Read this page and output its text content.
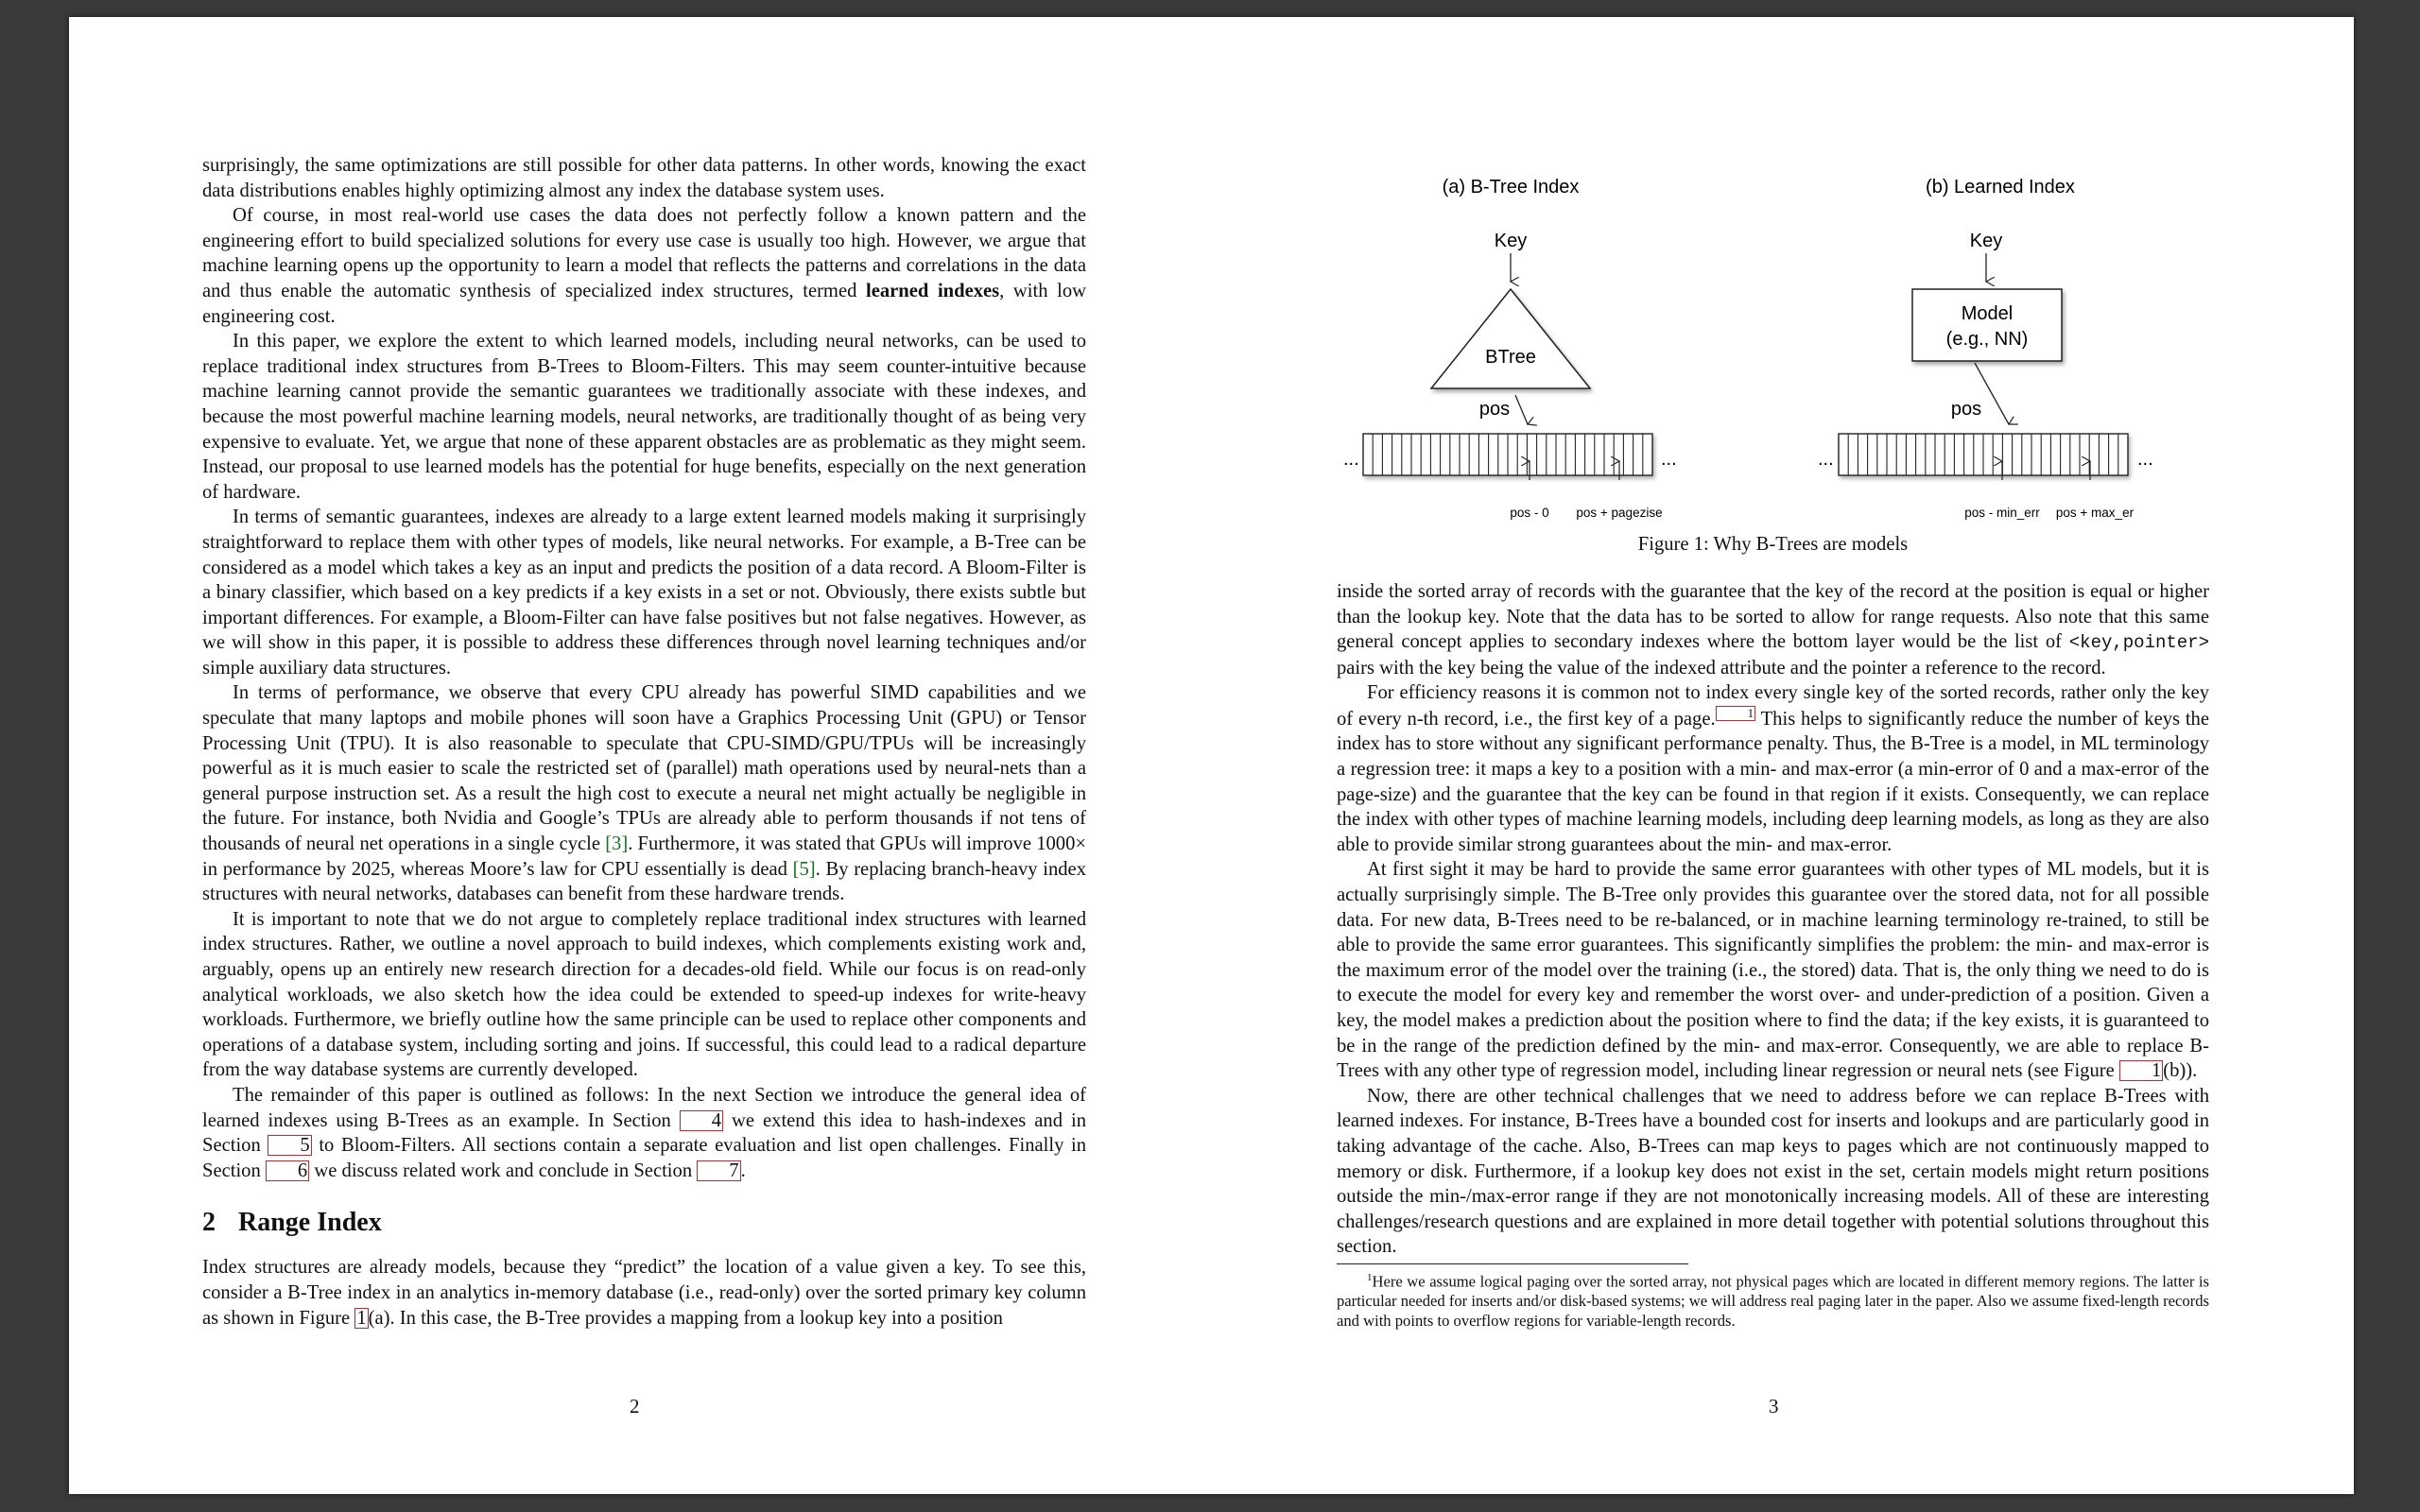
surprisingly, the same optimizations are still possible for other data patterns. In other words, knowing the exact data distributions enables highly optimizing almost any index the database system uses.

Of course, in most real-world use cases the data does not perfectly follow a known pattern and the engineering effort to build specialized solutions for every use case is usually too high. However, we argue that machine learning opens up the opportunity to learn a model that reflects the patterns and correlations in the data and thus enable the automatic synthesis of specialized index structures, termed learned indexes, with low engineering cost.

In this paper, we explore the extent to which learned models, including neural networks, can be used to replace traditional index structures from B-Trees to Bloom-Filters. This may seem counter-intuitive because machine learning cannot provide the semantic guarantees we traditionally associate with these indexes, and because the most powerful machine learning models, neural networks, are traditionally thought of as being very expensive to evaluate. Yet, we argue that none of these apparent obstacles are as problematic as they might seem. Instead, our proposal to use learned models has the potential for huge benefits, especially on the next generation of hardware.

In terms of semantic guarantees, indexes are already to a large extent learned models making it surprisingly straightforward to replace them with other types of models, like neural networks. For example, a B-Tree can be considered as a model which takes a key as an input and predicts the position of a data record. A Bloom-Filter is a binary classifier, which based on a key predicts if a key exists in a set or not. Obviously, there exists subtle but important differences. For example, a Bloom-Filter can have false positives but not false negatives. However, as we will show in this paper, it is possible to address these differences through novel learning techniques and/or simple auxiliary data structures.

In terms of performance, we observe that every CPU already has powerful SIMD capabilities and we speculate that many laptops and mobile phones will soon have a Graphics Processing Unit (GPU) or Tensor Processing Unit (TPU). It is also reasonable to speculate that CPU-SIMD/GPU/TPUs will be increasingly powerful as it is much easier to scale the restricted set of (parallel) math operations used by neural-nets than a general purpose instruction set. As a result the high cost to execute a neural net might actually be negligible in the future. For instance, both Nvidia and Google’s TPUs are already able to perform thousands if not tens of thousands of neural net operations in a single cycle [3]. Furthermore, it was stated that GPUs will improve 1000× in performance by 2025, whereas Moore’s law for CPU essentially is dead [5]. By replacing branch-heavy index structures with neural networks, databases can benefit from these hardware trends.

It is important to note that we do not argue to completely replace traditional index structures with learned index structures. Rather, we outline a novel approach to build indexes, which complements existing work and, arguably, opens up an entirely new research direction for a decades-old field. While our focus is on read-only analytical workloads, we also sketch how the idea could be extended to speed-up indexes for write-heavy workloads. Furthermore, we briefly outline how the same principle can be used to replace other components and operations of a database system, including sorting and joins. If successful, this could lead to a radical departure from the way database systems are currently developed.

The remainder of this paper is outlined as follows: In the next Section we introduce the general idea of learned indexes using B-Trees as an example. In Section 4 we extend this idea to hash-indexes and in Section 5 to Bloom-Filters. All sections contain a separate evaluation and list open challenges. Finally in Section 6 we discuss related work and conclude in Section 7.

2 Range Index

Index structures are already models, because they “predict” the location of a value given a key. To see this, consider a B-Tree index in an analytics in-memory database (i.e., read-only) over the sorted primary key column as shown in Figure 1(a). In this case, the B-Tree provides a mapping from a lookup key into a position

2
(a) B-Tree Index
Key
BTree
pos
...	...
pos - 0 pos + pagezise
(b) Learned Index
Key
Model
(e.g., NN)
pos
...	...
pos - min_err pos + max_er
Figure 1: Why B-Trees are models

inside the sorted array of records with the guarantee that the key of the record at the position is equal or higher than the lookup key. Note that the data has to be sorted to allow for range requests. Also note that this same general concept applies to secondary indexes where the bottom layer would be the list of <key,pointer> pairs with the key being the value of the indexed attribute and the pointer a reference to the record.

For efficiency reasons it is common not to index every single key of the sorted records, rather only the key of every n-th record, i.e., the first key of a page.	$^1$ This helps to significantly reduce the number of keys the index has to store without any significant performance penalty. Thus, the B-Tree is a model, in ML terminology a regression tree: it maps a key to a position with a min- and max-error (a min-error of 0 and a max-error of the page-size) and the guarantee that the key can be found in that region if it exists. Consequently, we can replace the index with other types of machine learning models, including deep learning models, as long as they are also able to provide similar strong guarantees about the min- and max-error.

At first sight it may be hard to provide the same error guarantees with other types of ML models, but it is actually surprisingly simple. The B-Tree only provides this guarantee over the stored data, not for all possible data. For new data, B-Trees need to be re-balanced, or in machine learning terminology re-trained, to still be able to provide the same error guarantees. This significantly simplifies the problem: the min- and max-error is the maximum error of the model over the training (i.e., the stored) data. That is, the only thing we need to do is to execute the model for every key and remember the worst over- and under-prediction of a position. Given a key, the model makes a prediction about the position where to find the data; if the key exists, it is guaranteed to be in the range of the prediction defined by the min- and max-error. Consequently, we are able to replace B-Trees with any other type of regression model, including linear regression or neural nets (see Figure 1(b)).

Now, there are other technical challenges that we need to address before we can replace B-Trees with learned indexes. For instance, B-Trees have a bounded cost for inserts and lookups and are particularly good in taking advantage of the cache. Also, B-Trees can map keys to pages which are not continuously mapped to memory or disk. Furthermore, if a lookup key does not exist in the set, certain models might return positions outside the min-/max-error range if they are not monotonically increasing models. All of these are interesting challenges/research questions and are explained in more detail together with potential solutions throughout this section.

$^1$Here we assume logical paging over the sorted array, not physical pages which are located in different memory regions. The latter is particular needed for inserts and/or disk-based systems; we will address real paging later in the paper. Also we assume fixed-length records and with points to overflow regions for variable-length records.

3
